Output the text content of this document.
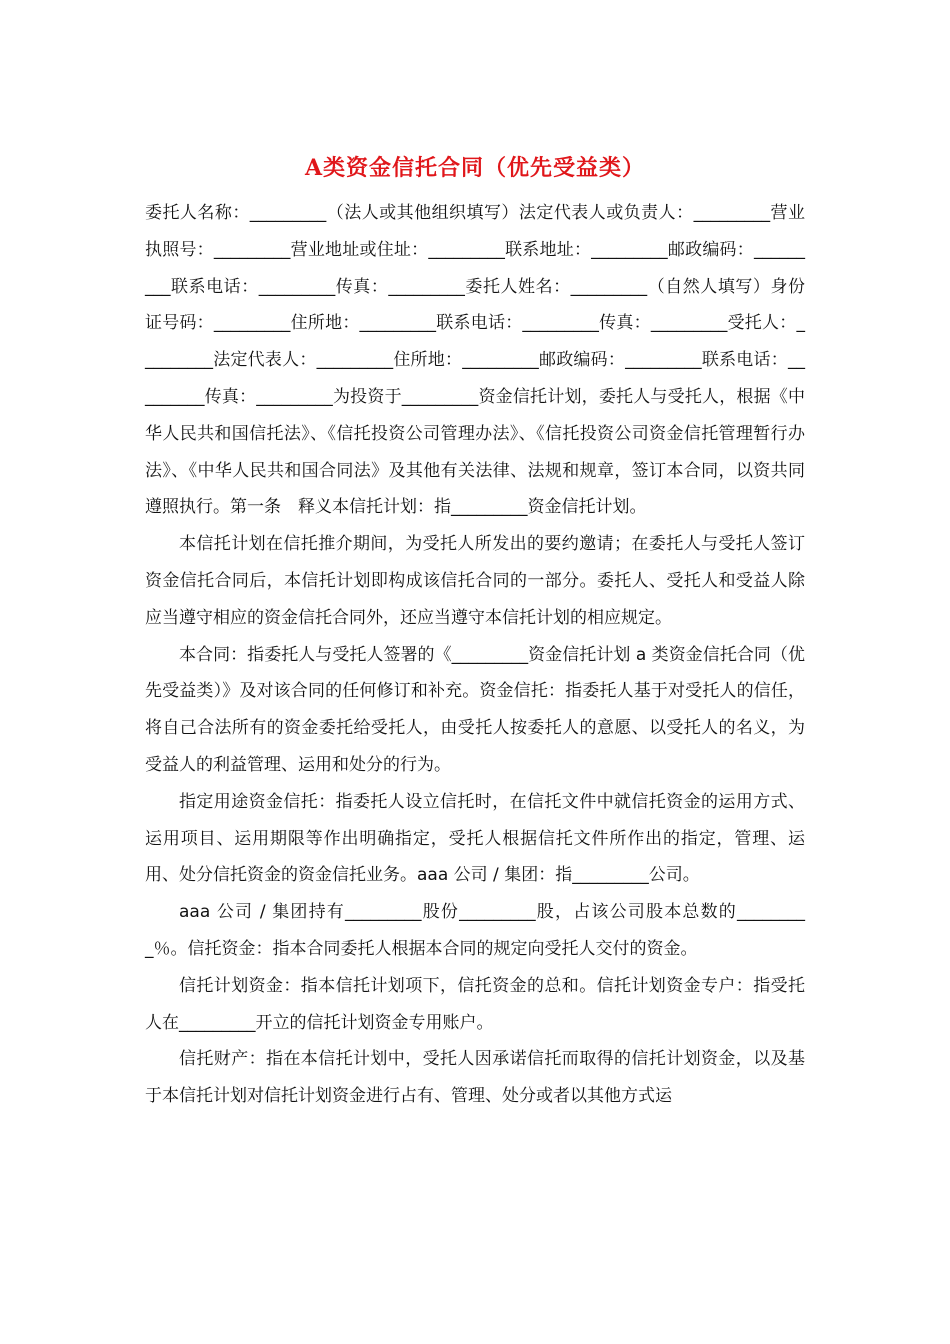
A类资金信托合同（优先受益类）

委托人名称：_________（法人或其他组织填写）法定代表人或负责人：_________营业执照号：_________营业地址或住址：_________联系地址：_________邮政编码：_________联系电话：_________传真：_________委托人姓名：_________（自然人填写）身份证号码：_________住所地：_________联系电话：_________传真：_________受托人：_________法定代表人：_________住所地：_________邮政编码：_________联系电话：_________传真：_________为投资于_________资金信托计划，委托人与受托人，根据《中华人民共和国信托法》、《信托投资公司管理办法》、《信托投资公司资金信托管理暂行办法》、《中华人民共和国合同法》及其他有关法律、法规和规章，签订本合同，以资共同遵照执行。第一条　释义本信托计划：指_________资金信托计划。

本信托计划在信托推介期间，为受托人所发出的要约邀请；在委托人与受托人签订资金信托合同后，本信托计划即构成该信托合同的一部分。委托人、受托人和受益人除应当遵守相应的资金信托合同外，还应当遵守本信托计划的相应规定。

本合同：指委托人与受托人签署的《_________资金信托计划 a 类资金信托合同（优先受益类）》及对该合同的任何修订和补充。资金信托：指委托人基于对受托人的信任，将自己合法所有的资金委托给受托人，由受托人按委托人的意愿、以受托人的名义，为受益人的利益管理、运用和处分的行为。

指定用途资金信托：指委托人设立信托时，在信托文件中就信托资金的运用方式、运用项目、运用期限等作出明确指定，受托人根据信托文件所作出的指定，管理、运用、处分信托资金的资金信托业务。aaa 公司 / 集团：指_________公司。

aaa 公司 / 集团持有_________股份_________股，占该公司股本总数的_________％。信托资金：指本合同委托人根据本合同的规定向受托人交付的资金。

信托计划资金：指本信托计划项下，信托资金的总和。信托计划资金专户：指受托人在_________开立的信托计划资金专用账户。

信托财产：指在本信托计划中，受托人因承诺信托而取得的信托计划资金，以及基于本信托计划对信托计划资金进行占有、管理、处分或者以其他方式运
